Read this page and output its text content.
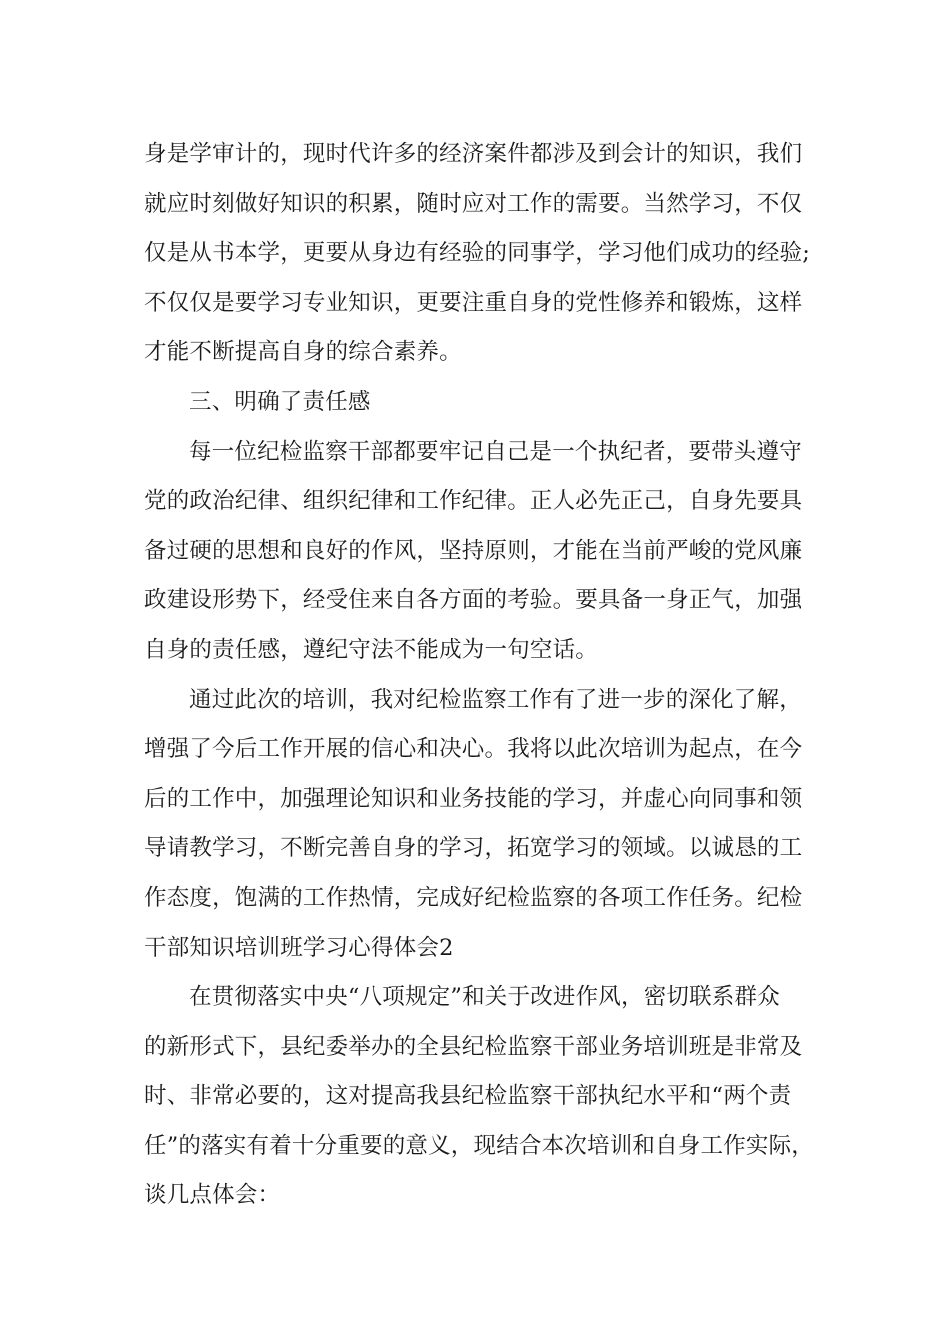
身是学审计的，现时代许多的经济案件都涉及到会计的知识，我们
就应时刻做好知识的积累，随时应对工作的需要。当然学习，不仅
仅是从书本学，更要从身边有经验的同事学，学习他们成功的经验;
不仅仅是要学习专业知识，更要注重自身的党性修养和锻炼，这样
才能不断提高自身的综合素养。
三、明确了责任感
每一位纪检监察干部都要牢记自己是一个执纪者，要带头遵守
党的政治纪律、组织纪律和工作纪律。正人必先正己，自身先要具
备过硬的思想和良好的作风，坚持原则，才能在当前严峻的党风廉
政建设形势下，经受住来自各方面的考验。要具备一身正气，加强
自身的责任感，遵纪守法不能成为一句空话。
通过此次的培训，我对纪检监察工作有了进一步的深化了解，
增强了今后工作开展的信心和决心。我将以此次培训为起点，在今
后的工作中，加强理论知识和业务技能的学习，并虚心向同事和领
导请教学习，不断完善自身的学习，拓宽学习的领域。以诚恳的工
作态度，饱满的工作热情，完成好纪检监察的各项工作任务。纪检
干部知识培训班学习心得体会2
在贯彻落实中央“八项规定”和关于改进作风，密切联系群众
的新形式下，县纪委举办的全县纪检监察干部业务培训班是非常及
时、非常必要的，这对提高我县纪检监察干部执纪水平和“两个责
任”的落实有着十分重要的意义，现结合本次培训和自身工作实际，
谈几点体会：
